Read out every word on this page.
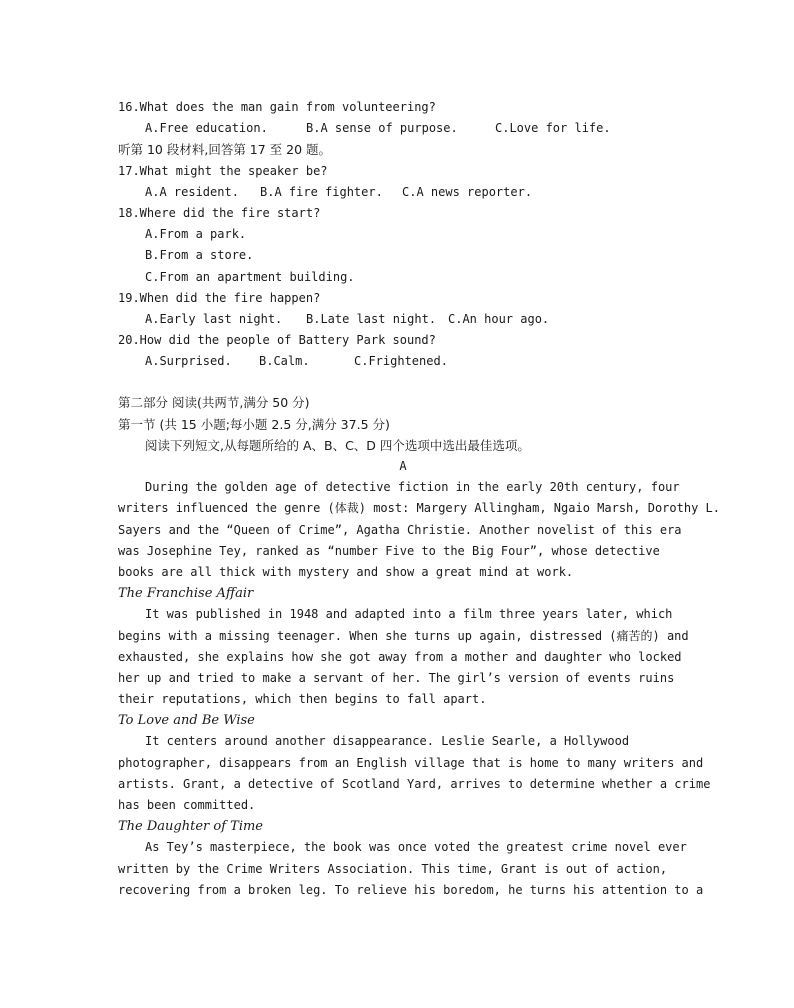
16.What does the man gain from volunteering?
A.Free education.	B.A sense of purpose.	C.Love for life.
听第 10 段材料,回答第 17 至 20 题。
17.What might the speaker be?
A.A resident. B.A fire fighter. C.A news reporter.
18.Where did the fire start?
A.From a park.
B.From a store.
C.From an apartment building.
19.When did the fire happen?
A.Early last night. B.Late last night. C.An hour ago.
20.How did the people of Battery Park sound?
A.Surprised. B.Calm.	C.Frightened.
第二部分 阅读(共两节,满分 50 分)
第一节 (共 15 小题;每小题 2.5 分,满分 37.5 分)
阅读下列短文,从每题所给的 A、B、C、D 四个选项中选出最佳选项。
A
During the golden age of detective fiction in the early 20th century, four
writers influenced the genre (体裁) most: Margery Allingham, Ngaio Marsh, Dorothy L.
Sayers and the “Queen of Crime”, Agatha Christie. Another novelist of this era
was Josephine Tey, ranked as “number Five to the Big Four”, whose detective
books are all thick with mystery and show a great mind at work.
The Franchise Affair
It was published in 1948 and adapted into a film three years later, which
begins with a missing teenager. When she turns up again, distressed (痛苦的) and
exhausted, she explains how she got away from a mother and daughter who locked
her up and tried to make a servant of her. The girl’s version of events ruins
their reputations, which then begins to fall apart.
To Love and Be Wise
It centers around another disappearance. Leslie Searle, a Hollywood
photographer, disappears from an English village that is home to many writers and
artists. Grant, a detective of Scotland Yard, arrives to determine whether a crime
has been committed.
The Daughter of Time
As Tey’s masterpiece, the book was once voted the greatest crime novel ever
written by the Crime Writers Association. This time, Grant is out of action,
recovering from a broken leg. To relieve his boredom, he turns his attention to a
